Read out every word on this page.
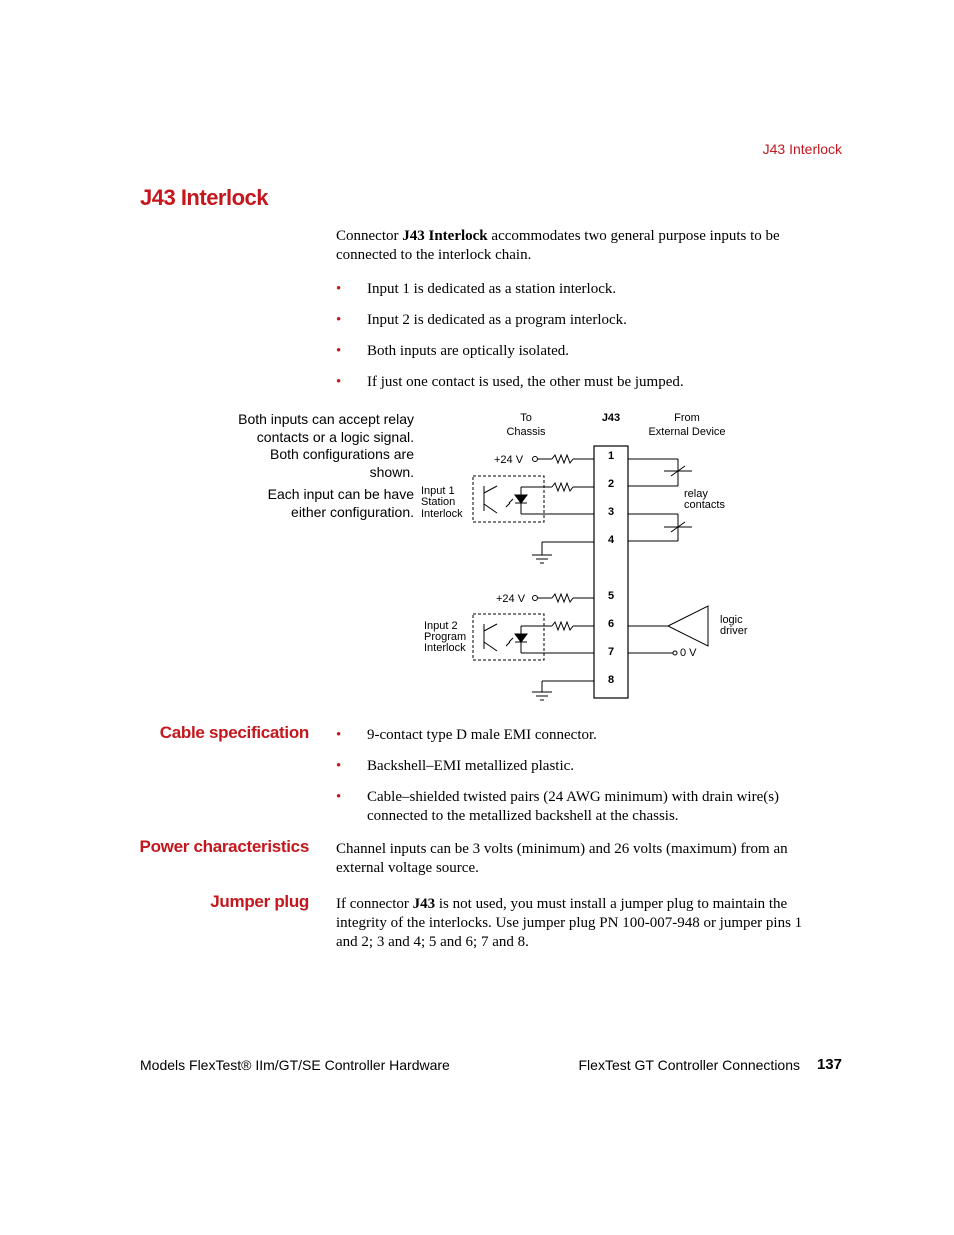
J43 Interlock
J43 Interlock
Connector J43 Interlock accommodates two general purpose inputs to be
connected to the interlock chain.
• Input 1 is dedicated as a station interlock.
• Input 2 is dedicated as a program interlock.
• Both inputs are optically isolated.
• If just one contact is used, the other must be jumped.
Both inputs can accept relay
contacts or a logic signal.
Both configurations are
shown.
Each input can be have
either configuration.
To
Chassis
J43	From
External Device
1
2
3
4
5
6
7
8
+24 V
Input 1
Station
Interlock
+24 V
Input 2
Program
Interlock
relay
contacts
logic
driver
0 V
Cable specification • 9-contact type D male EMI connector.
• Backshell–EMI metallized plastic.
• Cable–shielded twisted pairs (24 AWG minimum) with drain wire(s)
connected to the metallized backshell at the chassis.
Power characteristics Channel inputs can be 3 volts (minimum) and 26 volts (maximum) from an
external voltage source.
Jumper plug If connector J43 is not used, you must install a jumper plug to maintain the
integrity of the interlocks. Use jumper plug PN 100-007-948 or jumper pins 1
and 2; 3 and 4; 5 and 6; 7 and 8.
Models FlexTest® IIm/GT/SE Controller Hardware	FlexTest GT Controller Connections	137
